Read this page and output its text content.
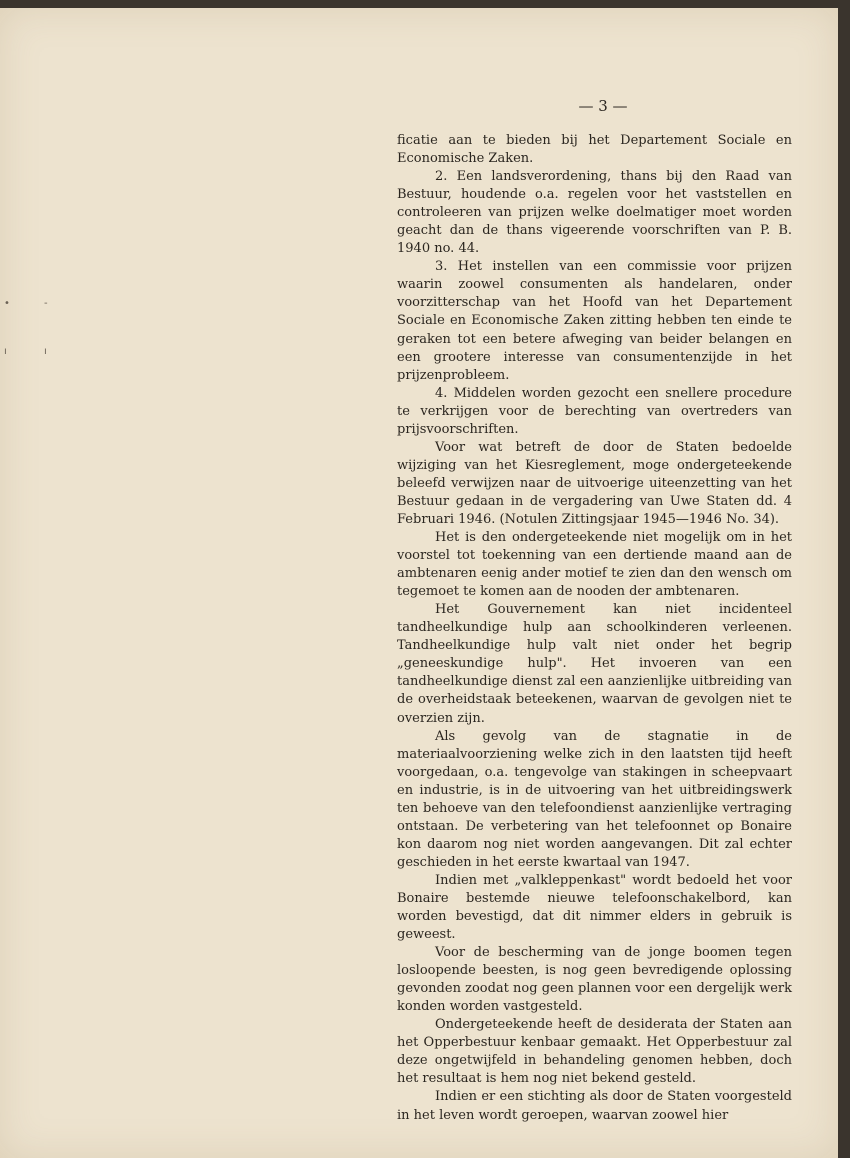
•	-
ı	ı
— 3 —

ficatie aan te bieden bij het Departement Sociale en Economische Zaken.

2. Een landsverordening, thans bij den Raad van Bestuur, houdende o.a. regelen voor het vaststellen en controleeren van prijzen welke doelmatiger moet worden geacht dan de thans vigeerende voorschriften van P. B. 1940 no. 44.

3. Het instellen van een commissie voor prijzen waarin zoowel consumenten als handelaren, onder voorzitterschap van het Hoofd van het Departement Sociale en Economische Zaken zitting hebben ten einde te geraken tot een betere afweging van beider belangen en een grootere interesse van consumentenzijde in het prijzenprobleem.

4. Middelen worden gezocht een snellere procedure te verkrijgen voor de berechting van overtreders van prijsvoorschriften.

Voor wat betreft de door de Staten bedoelde wijziging van het Kiesreglement, moge ondergeteekende beleefd verwijzen naar de uitvoerige uiteenzetting van het Bestuur gedaan in de vergadering van Uwe Staten dd. 4 Februari 1946. (Notulen Zittingsjaar 1945—1946 No. 34).

Het is den ondergeteekende niet mogelijk om in het voorstel tot toekenning van een dertiende maand aan de ambtenaren eenig ander motief te zien dan den wensch om tegemoet te komen aan de nooden der ambtenaren.

Het Gouvernement kan niet incidenteel tandheelkundige hulp aan schoolkinderen verleenen. Tandheelkundige hulp valt niet onder het begrip „geneeskundige hulp". Het invoeren van een tandheelkundige dienst zal een aanzienlijke uitbreiding van de overheidstaak beteekenen, waarvan de gevolgen niet te overzien zijn.

Als gevolg van de stagnatie in de materiaalvoorziening welke zich in den laatsten tijd heeft voorgedaan, o.a. tengevolge van stakingen in scheepvaart en industrie, is in de uitvoering van het uitbreidingswerk ten behoeve van den telefoondienst aanzienlijke vertraging ontstaan. De verbetering van het telefoonnet op Bonaire kon daarom nog niet worden aangevangen. Dit zal echter geschieden in het eerste kwartaal van 1947.

Indien met „valkleppenkast" wordt bedoeld het voor Bonaire bestemde nieuwe telefoonschakelbord, kan worden bevestigd, dat dit nimmer elders in gebruik is geweest.

Voor de bescherming van de jonge boomen tegen losloopende beesten, is nog geen bevredigende oplossing gevonden zoodat nog geen plannen voor een dergelijk werk konden worden vastgesteld.

Ondergeteekende heeft de desiderata der Staten aan het Opperbestuur kenbaar gemaakt. Het Opperbestuur zal deze ongetwijfeld in behandeling genomen hebben, doch het resultaat is hem nog niet bekend gesteld.

Indien er een stichting als door de Staten voorgesteld in het leven wordt geroepen, waarvan zoowel hier
